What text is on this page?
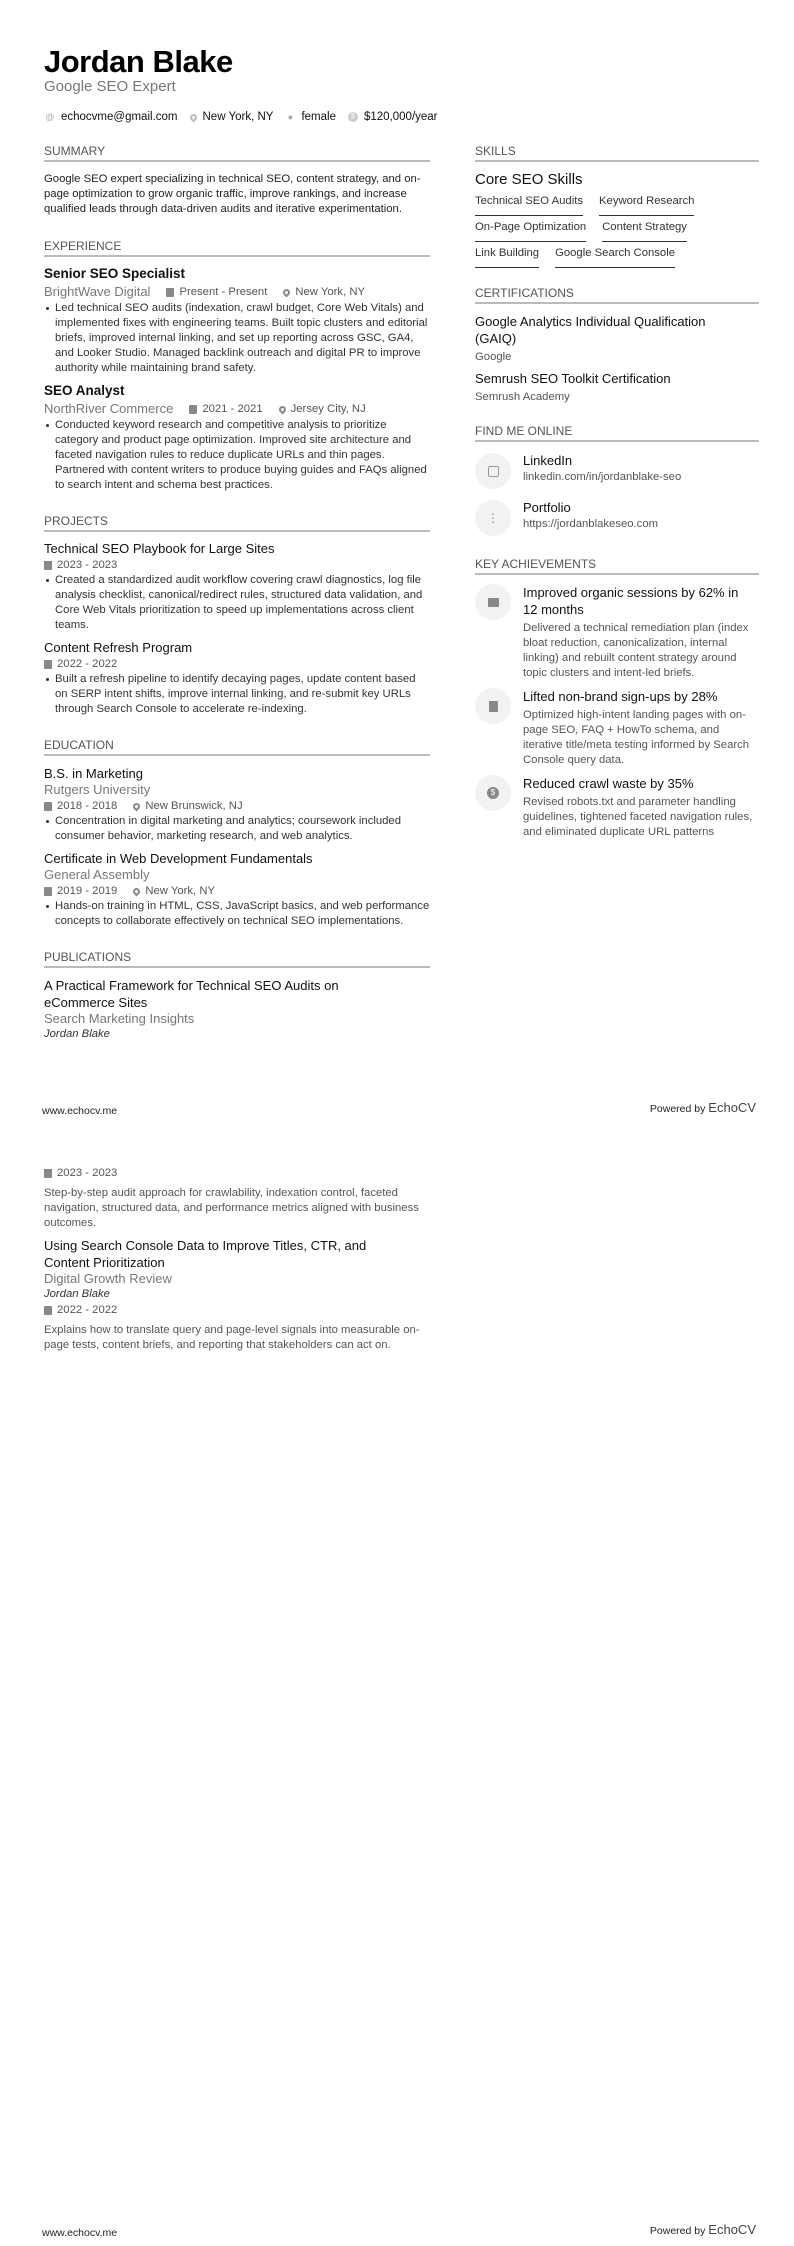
Jordan Blake
Google SEO Expert
@ echocvme@gmail.com New York, NY ● female	$ $120,000/year
SUMMARY
Google SEO expert specializing in technical SEO, content strategy, and on-page optimization to grow organic traffic, improve rankings, and increase qualified leads through data-driven audits and iterative experimentation.
EXPERIENCE
Senior SEO Specialist
BrightWave Digital	Present - Present New York, NY
Led technical SEO audits (indexation, crawl budget, Core Web Vitals) and implemented fixes with engineering teams. Built topic clusters and editorial briefs, improved internal linking, and set up reporting across GSC, GA4, and Looker Studio. Managed backlink outreach and digital PR to improve authority while maintaining brand safety.
SEO Analyst
NorthRiver Commerce	2021 - 2021 Jersey City, NJ
Conducted keyword research and competitive analysis to prioritize category and product page optimization. Improved site architecture and faceted navigation rules to reduce duplicate URLs and thin pages. Partnered with content writers to produce buying guides and FAQs aligned to search intent and schema best practices.
PROJECTS
Technical SEO Playbook for Large Sites
2023 - 2023
Created a standardized audit workflow covering crawl diagnostics, log file analysis checklist, canonical/redirect rules, structured data validation, and Core Web Vitals prioritization to speed up implementations across client teams.
Content Refresh Program
2022 - 2022
Built a refresh pipeline to identify decaying pages, update content based on SERP intent shifts, improve internal linking, and re-submit key URLs through Search Console to accelerate re-indexing.
EDUCATION
B.S. in Marketing
Rutgers University
2018 - 2018 New Brunswick, NJ
Concentration in digital marketing and analytics; coursework included consumer behavior, marketing research, and web analytics.
Certificate in Web Development Fundamentals
General Assembly
2019 - 2019 New York, NY
Hands-on training in HTML, CSS, JavaScript basics, and web performance concepts to collaborate effectively on technical SEO implementations.
PUBLICATIONS
A Practical Framework for Technical SEO Audits on eCommerce Sites
Search Marketing Insights
Jordan Blake
2023 - 2023
Step-by-step audit approach for crawlability, indexation control, faceted navigation, structured data, and performance metrics aligned with business outcomes.
Using Search Console Data to Improve Titles, CTR, and Content Prioritization
Digital Growth Review
Jordan Blake
2022 - 2022
Explains how to translate query and page-level signals into measurable on-page tests, content briefs, and reporting that stakeholders can act on.
SKILLS
Core SEO Skills
Technical SEO Audits Keyword Research
On-Page Optimization Content Strategy
Link Building Google Search Console
CERTIFICATIONS
Google Analytics Individual Qualification (GAIQ)
Google
Semrush SEO Toolkit Certification
Semrush Academy
FIND ME ONLINE
LinkedIn
linkedin.com/in/jordanblake-seo
⋮
Portfolio
https://jordanblakeseo.com
KEY ACHIEVEMENTS
Improved organic sessions by 62% in 12 months
Delivered a technical remediation plan (index bloat reduction, canonicalization, internal linking) and rebuilt content strategy around topic clusters and intent-led briefs.
Lifted non-brand sign-ups by 28%
Optimized high-intent landing pages with on-page SEO, FAQ + HowTo schema, and iterative title/meta testing informed by Search Console query data.
$
Reduced crawl waste by 35%
Revised robots.txt and parameter handling guidelines, tightened faceted navigation rules, and eliminated duplicate URL patterns
www.echocv.me	Powered by EchoCV
www.echocv.me	Powered by EchoCV
